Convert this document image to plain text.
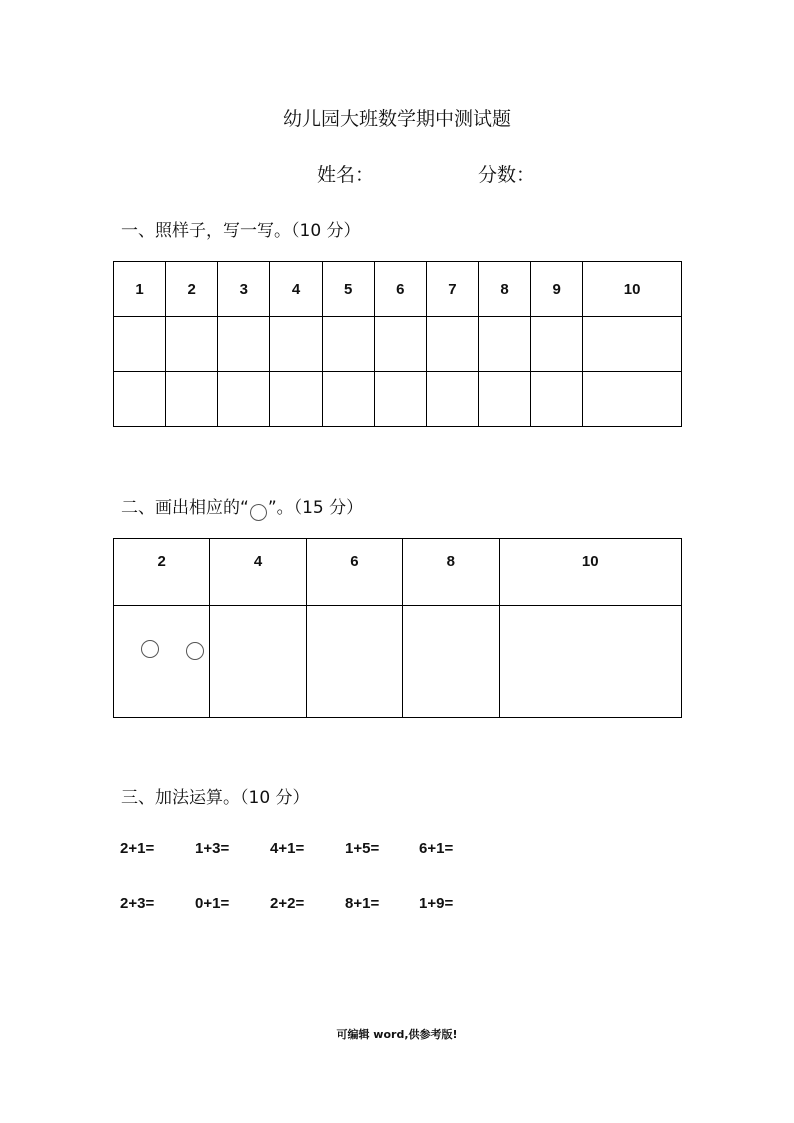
幼儿园大班数学期中测试题
姓名：	分数：
一、照样子，写一写。（10 分）
1	2	3	4	5	6	7	8	9	10

二、画出相应的“ ”。（15 分）
2	4	6	8	10

三、加法运算。（10 分）
2+1=	1+3=	4+1=	1+5=	6+1=
2+3=	0+1=	2+2=	8+1=	1+9=
可编辑 word,供参考版!
